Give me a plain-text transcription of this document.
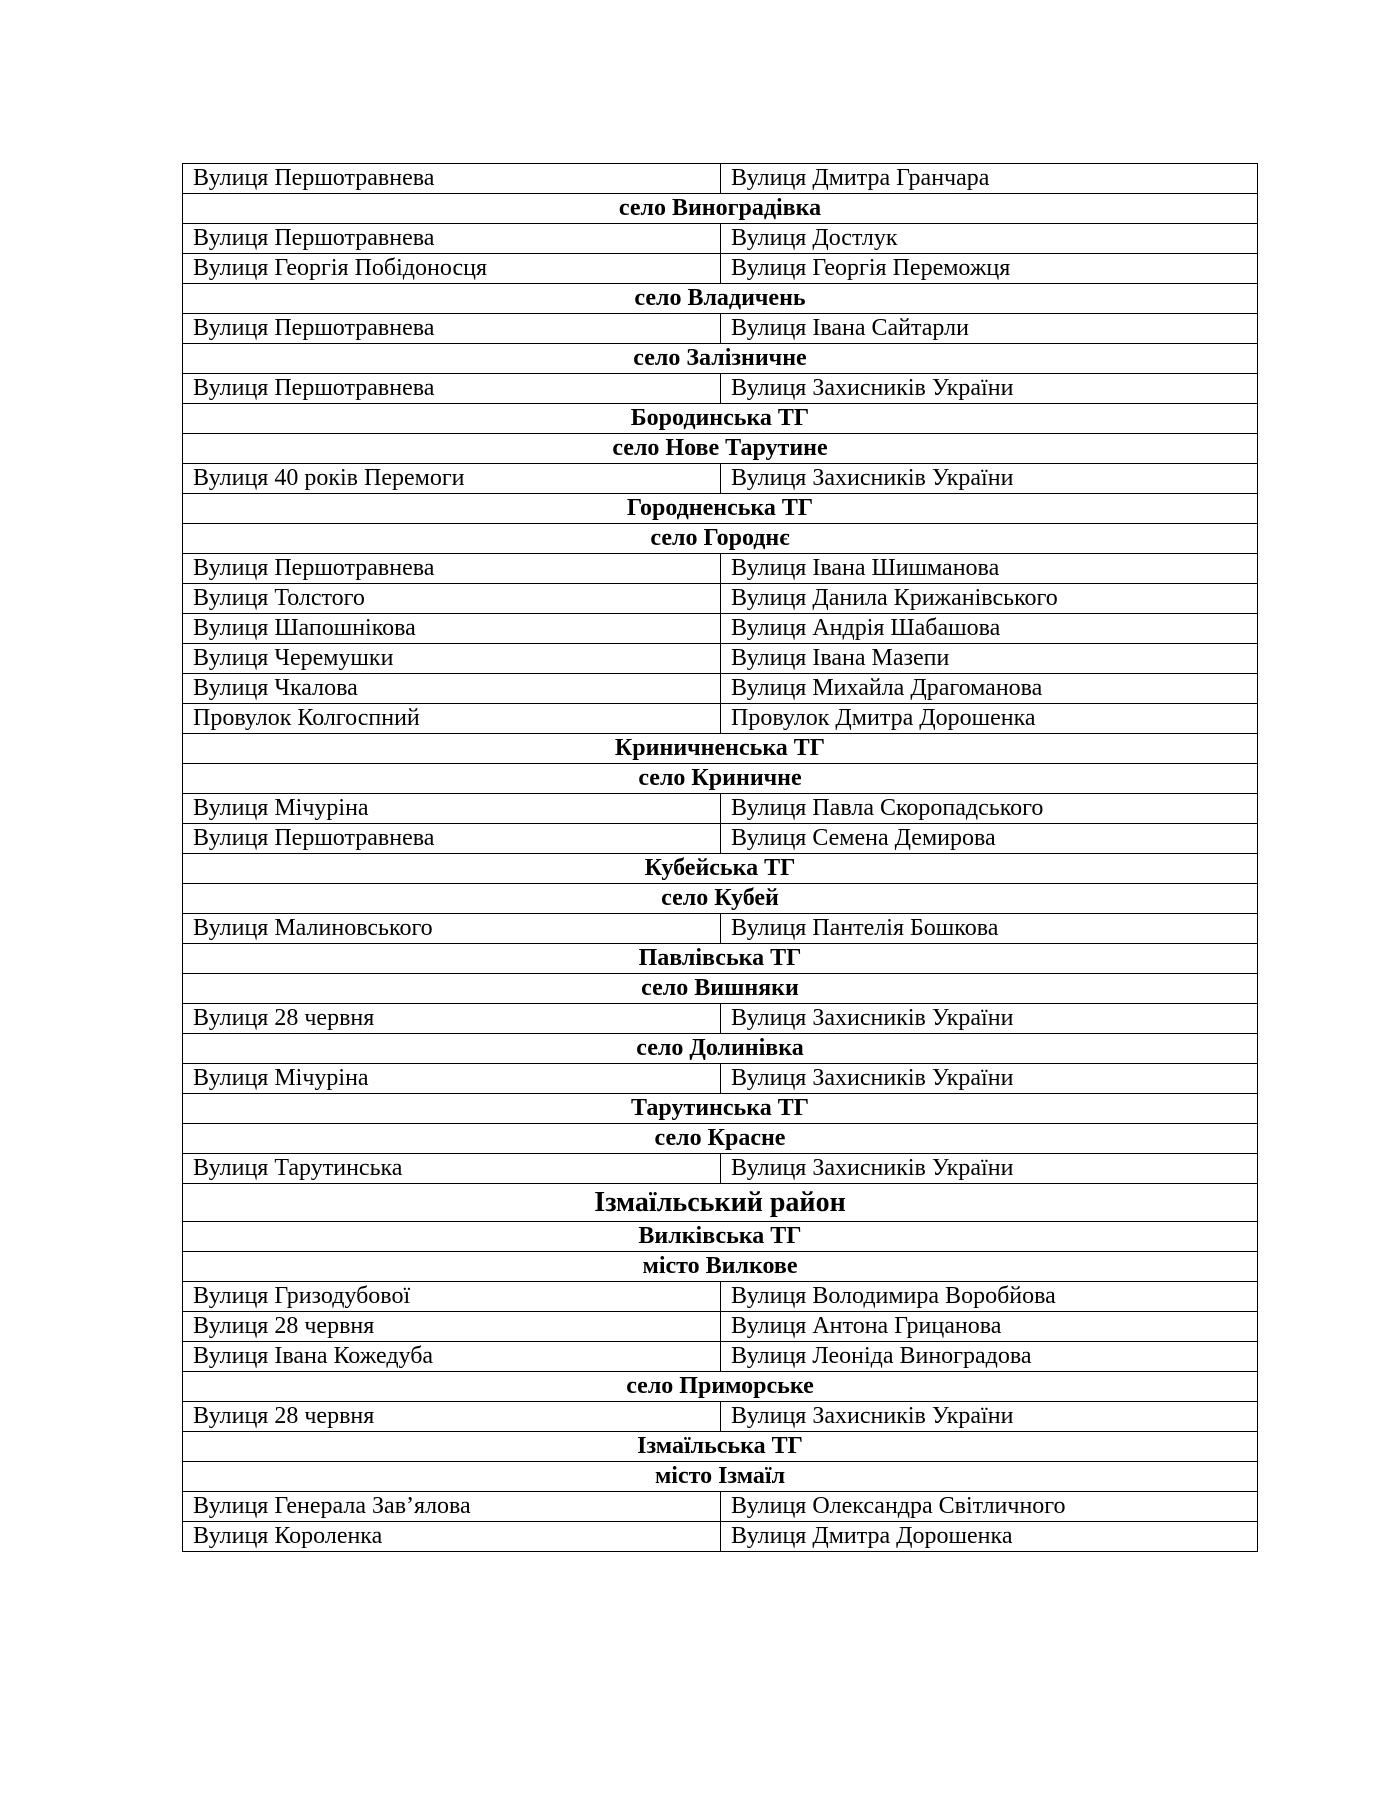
Вулиця Першотравнева	Вулиця Дмитра Гранчара
село Виноградівка	
Вулиця Першотравнева	Вулиця Достлук
Вулиця Георгія Побідоносця	Вулиця Георгія Переможця
село Владичень	
Вулиця Першотравнева	Вулиця Івана Сайтарли
село Залізничне	
Вулиця Першотравнева	Вулиця Захисників України
Бородинська ТГ	
село Нове Тарутине	
Вулиця 40 років Перемоги	Вулиця Захисників України
Городненська ТГ	
село Городнє	
Вулиця Першотравнева	Вулиця Івана Шишманова
Вулиця Толстого	Вулиця Данила Крижанівського
Вулиця Шапошнікова	Вулиця Андрія Шабашова
Вулиця Черемушки	Вулиця Івана Мазепи
Вулиця Чкалова	Вулиця Михайла Драгоманова
Провулок Колгоспний	Провулок Дмитра Дорошенка
Криничненська ТГ	
село Криничне	
Вулиця Мічуріна	Вулиця Павла Скоропадського
Вулиця Першотравнева	Вулиця Семена Демирова
Кубейська ТГ	
село Кубей	
Вулиця Малиновського	Вулиця Пантелія Бошкова
Павлівська ТГ	
село Вишняки	
Вулиця 28 червня	Вулиця Захисників України
село Долинівка	
Вулиця Мічуріна	Вулиця Захисників України
Тарутинська ТГ	
село Красне	
Вулиця Тарутинська	Вулиця Захисників України
Ізмаїльський район	
Вилківська ТГ	
місто Вилкове	
Вулиця Гризодубової	Вулиця Володимира Воробйова
Вулиця 28 червня	Вулиця Антона Грицанова
Вулиця Івана Кожедуба	Вулиця Леоніда Виноградова
село Приморське	
Вулиця 28 червня	Вулиця Захисників України
Ізмаїльська ТГ	
місто Ізмаїл	
Вулиця Генерала Зав’ялова	Вулиця Олександра Світличного
Вулиця Короленка	Вулиця Дмитра Дорошенка
